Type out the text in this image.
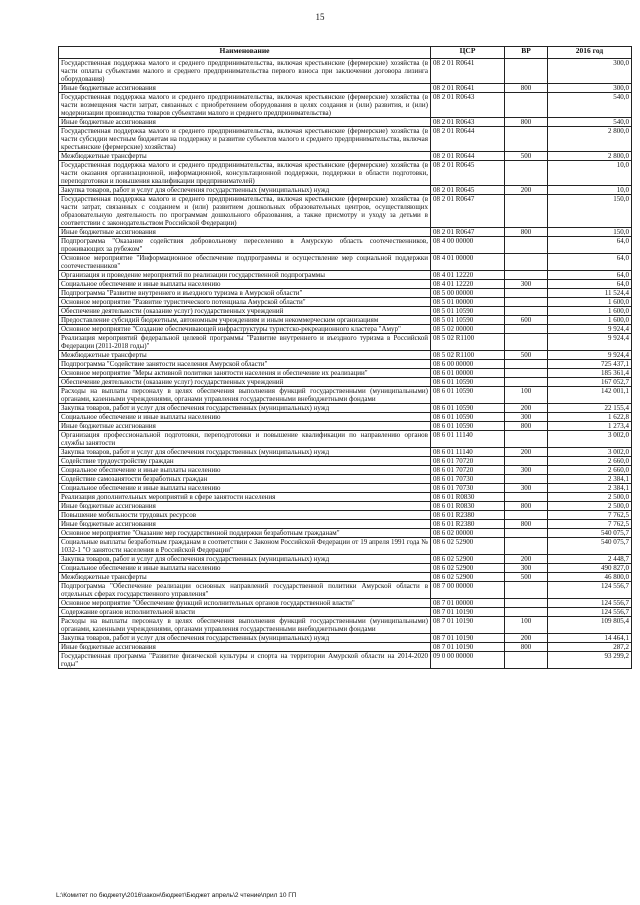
15
Наименование	ЦСР	ВР	2016 год
Государственная поддержка малого и среднего предпринимательства, включая крестьянские (фермерские) хозяйства (в части оплаты субъектами малого и среднего предпринимательства первого взноса при заключении договора лизинга оборудования)	08 2 01 R0641		300,0
Иные бюджетные ассигнования	08 2 01 R0641	800	300,0
Государственная поддержка малого и среднего предпринимательства, включая крестьянские (фермерские) хозяйства (в части возмещения части затрат, связанных с приобретением оборудования в целях создания и (или) развития, и (или) модернизации производства товаров субъектами малого и среднего предпринимательства)	08 2 01 R0643		540,0
Иные бюджетные ассигнования	08 2 01 R0643	800	540,0
Государственная поддержка малого и среднего предпринимательства, включая крестьянские (фермерские) хозяйства (в части субсидии местным бюджетам на поддержку и развитие субъектов малого и среднего предпринимательства, включая крестьянские (фермерские) хозяйства)	08 2 01 R0644		2 800,0
Межбюджетные трансферты	08 2 01 R0644	500	2 800,0
Государственная поддержка малого и среднего предпринимательства, включая крестьянские (фермерские) хозяйства (в части оказания организационной, информационной, консультационной поддержки, поддержки в области подготовки, переподготовки и повышения квалификации предпринимателей)	08 2 01 R0645		10,0
Закупка товаров, работ и услуг для обеспечения государственных (муниципальных) нужд	08 2 01 R0645	200	10,0
Государственная поддержка малого и среднего предпринимательства, включая крестьянские (фермерские) хозяйства (в части затрат, связанных с созданием и (или) развитием дошкольных образовательных центров, осуществляющих образовательную деятельность по программам дошкольного образования, а также присмотру и уходу за детьми в соответствии с законодательством Российской Федерации)	08 2 01 R0647		150,0
Иные бюджетные ассигнования	08 2 01 R0647	800	150,0
Подпрограмма "Оказание содействия добровольному переселению в Амурскую область соотечественников, проживающих за рубежом"	08 4 00 00000		64,0
Основное мероприятие "Информационное обеспечение подпрограммы и осуществление мер социальной поддержки соотечественников"	08 4 01 00000		64,0
Организация и проведение мероприятий по реализации государственной подпрограммы	08 4 01 12220		64,0
Социальное обеспечение и иные выплаты населению	08 4 01 12220	300	64,0
Подпрограмма "Развитие внутреннего и въездного туризма в Амурской области"	08 5 00 00000		11 524,4
Основное мероприятие "Развитие туристического потенциала Амурской области"	08 5 01 00000		1 600,0
Обеспечение деятельности (оказание услуг) государственных учреждений	08 5 01 10590		1 600,0
Предоставление субсидий бюджетным, автономным учреждениям и иным некоммерческим организациям	08 5 01 10590	600	1 600,0
Основное мероприятие "Создание обеспечивающей инфраструктуры туристско-рекреационного кластера "Амур"	08 5 02 00000		9 924,4
Реализация мероприятий федеральной целевой программы "Развитие внутреннего и въездного туризма в Российской Федерации (2011-2018 годы)"	08 5 02 R1100		9 924,4
Межбюджетные трансферты	08 5 02 R1100	500	9 924,4
Подпрограмма "Содействие занятости населения Амурской области"	08 6 00 00000		725 437,1
Основное мероприятие "Меры активной политики занятости населения и обеспечение их реализации"	08 6 01 00000		185 361,4
Обеспечение деятельности (оказание услуг) государственных учреждений	08 6 01 10590		167 052,7
Расходы на выплаты персоналу в целях обеспечения выполнения функций государственными (муниципальными) органами, казенными учреждениями, органами управления государственными внебюджетными фондами	08 6 01 10590	100	142 001,1
Закупка товаров, работ и услуг для обеспечения государственных (муниципальных) нужд	08 6 01 10590	200	22 155,4
Социальное обеспечение и иные выплаты населению	08 6 01 10590	300	1 622,8
Иные бюджетные ассигнования	08 6 01 10590	800	1 273,4
Организация профессиональной подготовки, переподготовки и повышение квалификации по направлению органов службы занятости	08 6 01 11140		3 002,0
Закупка товаров, работ и услуг для обеспечения государственных (муниципальных) нужд	08 6 01 11140	200	3 002,0
Содействие трудоустройству граждан	08 6 01 70720		2 660,0
Социальное обеспечение и иные выплаты населению	08 6 01 70720	300	2 660,0
Содействие самозанятости безработных граждан	08 6 01 70730		2 384,1
Социальное обеспечение и иные выплаты населению	08 6 01 70730	300	2 384,1
Реализация дополнительных мероприятий в сфере занятости населения	08 6 01 R0830		2 500,0
Иные бюджетные ассигнования	08 6 01 R0830	800	2 500,0
Повышение мобильности трудовых ресурсов	08 6 01 R2380		7 762,5
Иные бюджетные ассигнования	08 6 01 R2380	800	7 762,5
Основное мероприятие "Оказание мер государственной поддержки безработным гражданам"	08 6 02 00000		540 075,7
Социальные выплаты безработным гражданам в соответствии с Законом Российской Федерации от 19 апреля 1991 года № 1032-1 "О занятости населения в Российской Федерации"	08 6 02 52900		540 075,7
Закупка товаров, работ и услуг для обеспечения государственных (муниципальных) нужд	08 6 02 52900	200	2 448,7
Социальное обеспечение и иные выплаты населению	08 6 02 52900	300	490 827,0
Межбюджетные трансферты	08 6 02 52900	500	46 800,0
Подпрограмма "Обеспечение реализации основных направлений государственной политики Амурской области в отдельных сферах государственного управления"	08 7 00 00000		124 556,7
Основное мероприятие "Обеспечение функций исполнительных органов государственной власти"	08 7 01 00000		124 556,7
Содержание органов исполнительной власти	08 7 01 10190		124 556,7
Расходы на выплаты персоналу в целях обеспечения выполнения функций государственными (муниципальными) органами, казенными учреждениями, органами управления государственными внебюджетными фондами	08 7 01 10190	100	109 805,4
Закупка товаров, работ и услуг для обеспечения государственных (муниципальных) нужд	08 7 01 10190	200	14 464,1
Иные бюджетные ассигнования	08 7 01 10190	800	287,2
Государственная программа "Развитие физической культуры и спорта на территории Амурской области на 2014-2020 годы"	09 0 00 00000		93 299,2
L:\Комитет по бюджету\2016\закон\бюджет\Бюджет апрель\2 чтение\прил 10 ГП
